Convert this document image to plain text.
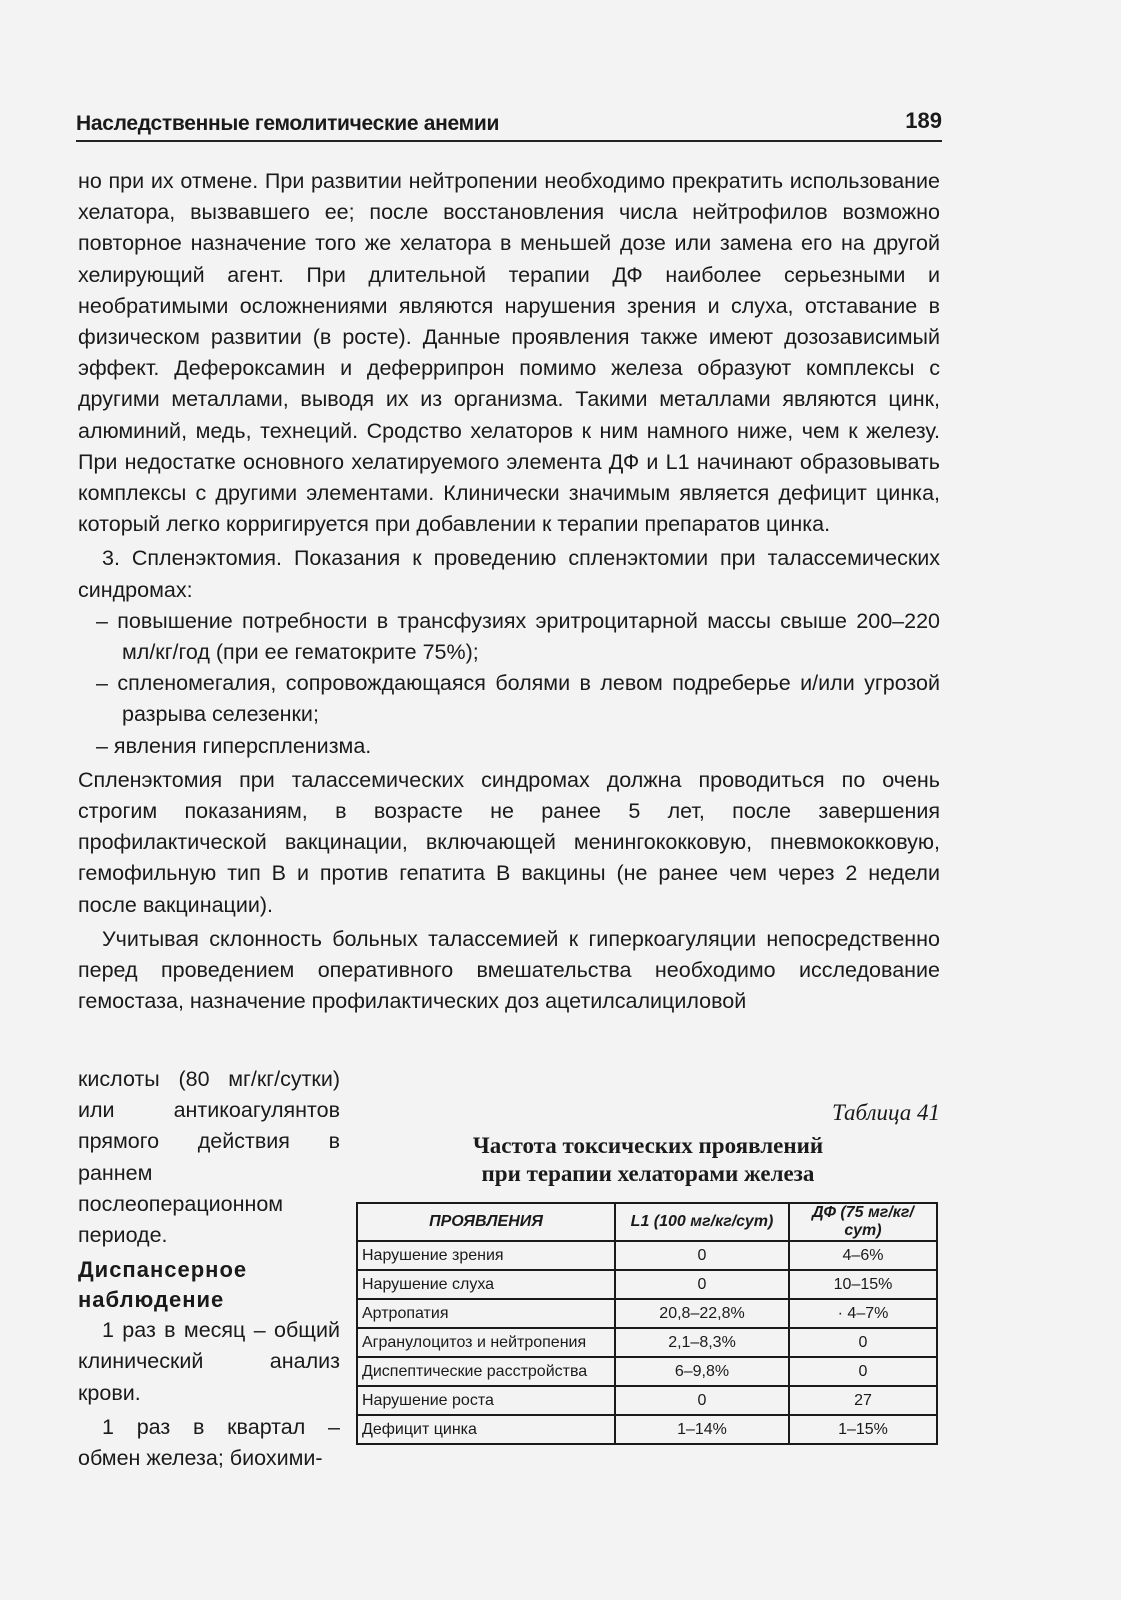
Наследственные гемолитические анемии	189

но при их отмене. При развитии нейтропении необходимо прекратить использование хелатора, вызвавшего ее; после восстановления числа нейтрофилов возможно повторное назначение того же хелатора в меньшей дозе или замена его на другой хелирующий агент. При длительной терапии ДФ наиболее серьезными и необратимыми осложнениями являются нарушения зрения и слуха, отставание в физическом развитии (в росте). Данные проявления также имеют дозозависимый эффект. Дефероксамин и деферрипрон помимо железа образуют комплексы с другими металлами, выводя их из организма. Такими металлами являются цинк, алюминий, медь, технеций. Сродство хелаторов к ним намного ниже, чем к железу. При недостатке основного хелатируемого элемента ДФ и L1 начинают образовывать комплексы с другими элементами. Клинически значимым является дефицит цинка, который легко корригируется при добавлении к терапии препаратов цинка.

3. Спленэктомия. Показания к проведению спленэктомии при талассемических синдромах:

– повышение потребности в трансфузиях эритроцитарной массы свыше 200–220 мл/кг/год (при ее гематокрите 75%);

– спленомегалия, сопровождающаяся болями в левом подреберье и/или угрозой разрыва селезенки;

– явления гиперспленизма.

Спленэктомия при талассемических синдромах должна проводиться по очень строгим показаниям, в возрасте не ранее 5 лет, после завершения профилактической вакцинации, включающей менингококковую, пневмококковую, гемофильную тип В и против гепатита В вакцины (не ранее чем через 2 недели после вакцинации).

Учитывая склонность больных талассемией к гиперкоагуляции непосредственно перед проведением оперативного вмешательства необходимо исследование гемостаза, назначение профилактических доз ацетилсалициловой

кислоты (80 мг/кг/сутки) или антикоагулянтов прямого действия в раннем послеоперационном периоде.

Диспансерное наблюдение

1 раз в месяц – общий клинический анализ крови.

1 раз в квартал – обмен железа; биохими-

Таблица 41
Частота токсических проявлений
при терапии хелаторами железа
ПРОЯВЛЕНИЯ	L1 (100 мг/кг/сут)	ДФ (75 мг/кг/сут)
Нарушение зрения	0	4–6%
Нарушение слуха	0	10–15%
Артропатия	20,8–22,8%	· 4–7%
Агранулоцитоз и нейтропения	2,1–8,3%	0
Диспептические расстройства	6–9,8%	0
Нарушение роста	0	27
Дефицит цинка	1–14%	1–15%
